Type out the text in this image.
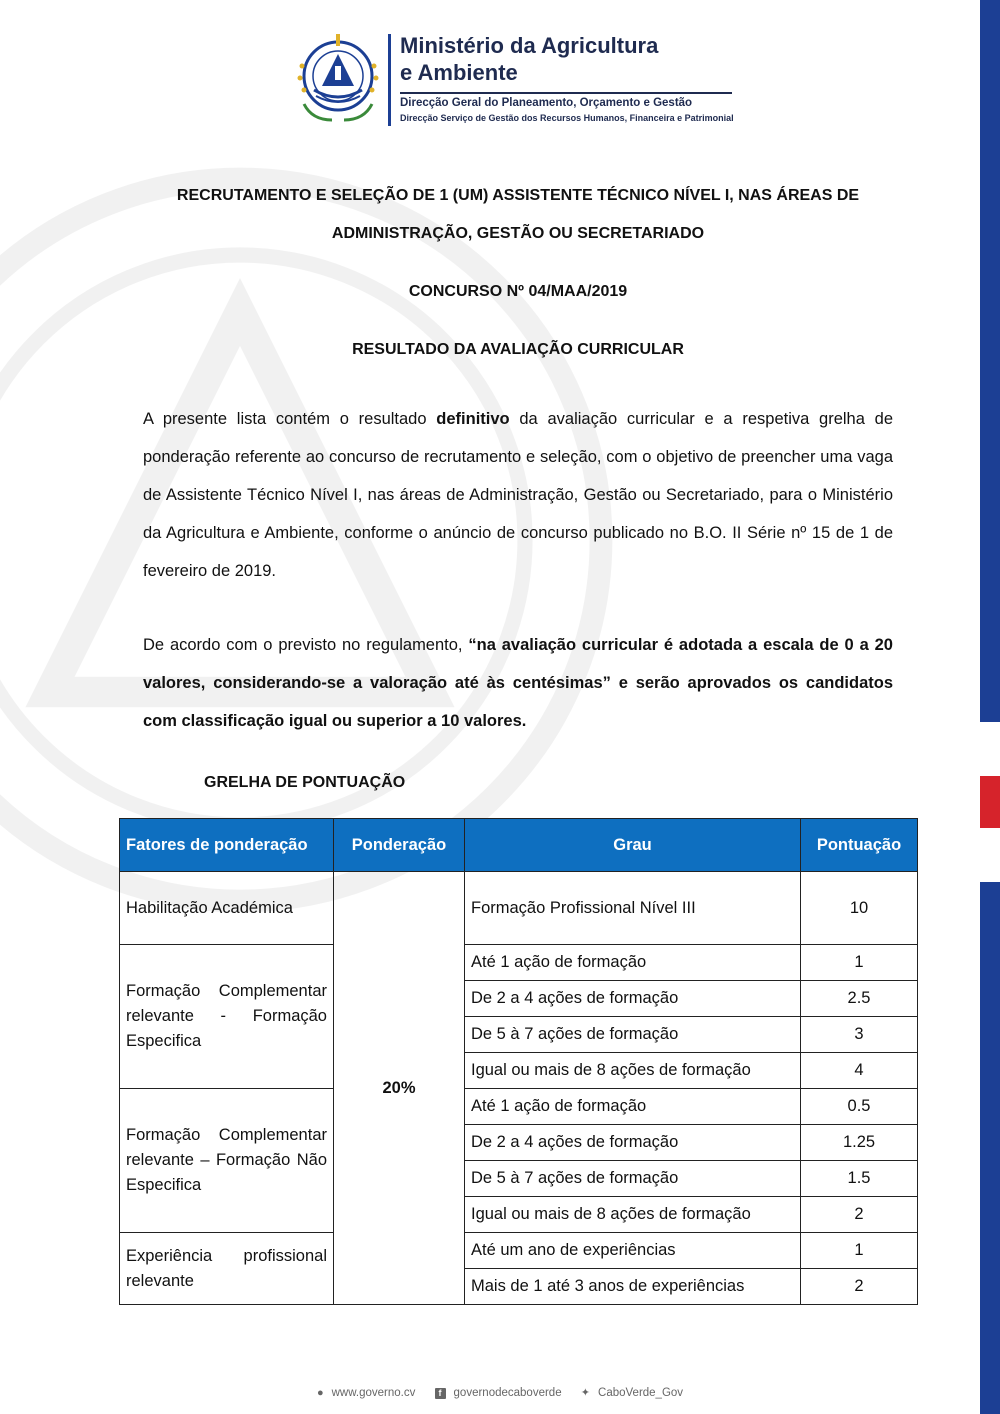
Ministério da Agricultura
e Ambiente
Direcção Geral do Planeamento, Orçamento e Gestão
Direcção Serviço de Gestão dos Recursos Humanos, Financeira e Patrimonial
RECRUTAMENTO E SELEÇÃO DE 1 (UM) ASSISTENTE TÉCNICO NÍVEL I, NAS ÁREAS DE
ADMINISTRAÇÃO, GESTÃO OU SECRETARIADO
CONCURSO Nº 04/MAA/2019
RESULTADO DA AVALIAÇÃO CURRICULAR

A presente lista contém o resultado definitivo da avaliação curricular e a respetiva grelha de ponderação referente ao concurso de recrutamento e seleção, com o objetivo de preencher uma vaga de Assistente Técnico Nível I, nas áreas de Administração, Gestão ou Secretariado, para o Ministério da Agricultura e Ambiente, conforme o anúncio de concurso publicado no B.O. II Série nº 15 de 1 de fevereiro de 2019.

De acordo com o previsto no regulamento, “na avaliação curricular é adotada a escala de 0 a 20 valores, considerando-se a valoração até às centésimas” e serão aprovados os candidatos com classificação igual ou superior a 10 valores.

GRELHA DE PONTUAÇÃO
Fatores de ponderação	Ponderação	Grau	Pontuação
Habilitação Académica	20%	Formação Profissional Nível III	10
Formação Complementar relevante - Formação Especifica		Até 1 ação de formação	1
		De 2 a 4 ações de formação	2.5
		De 5 à 7 ações de formação	3
		Igual ou mais de 8 ações de formação	4
Formação Complementar relevante – Formação Não Especifica		Até 1 ação de formação	0.5
		De 2 a 4 ações de formação	1.25
		De 5 à 7 ações de formação	1.5
		Igual ou mais de 8 ações de formação	2
Experiência profissional relevante		Até um ano de experiências	1
		Mais de 1 até 3 anos de experiências	2
● www.governo.cv	f governodecaboverde ✦ CaboVerde_Gov
